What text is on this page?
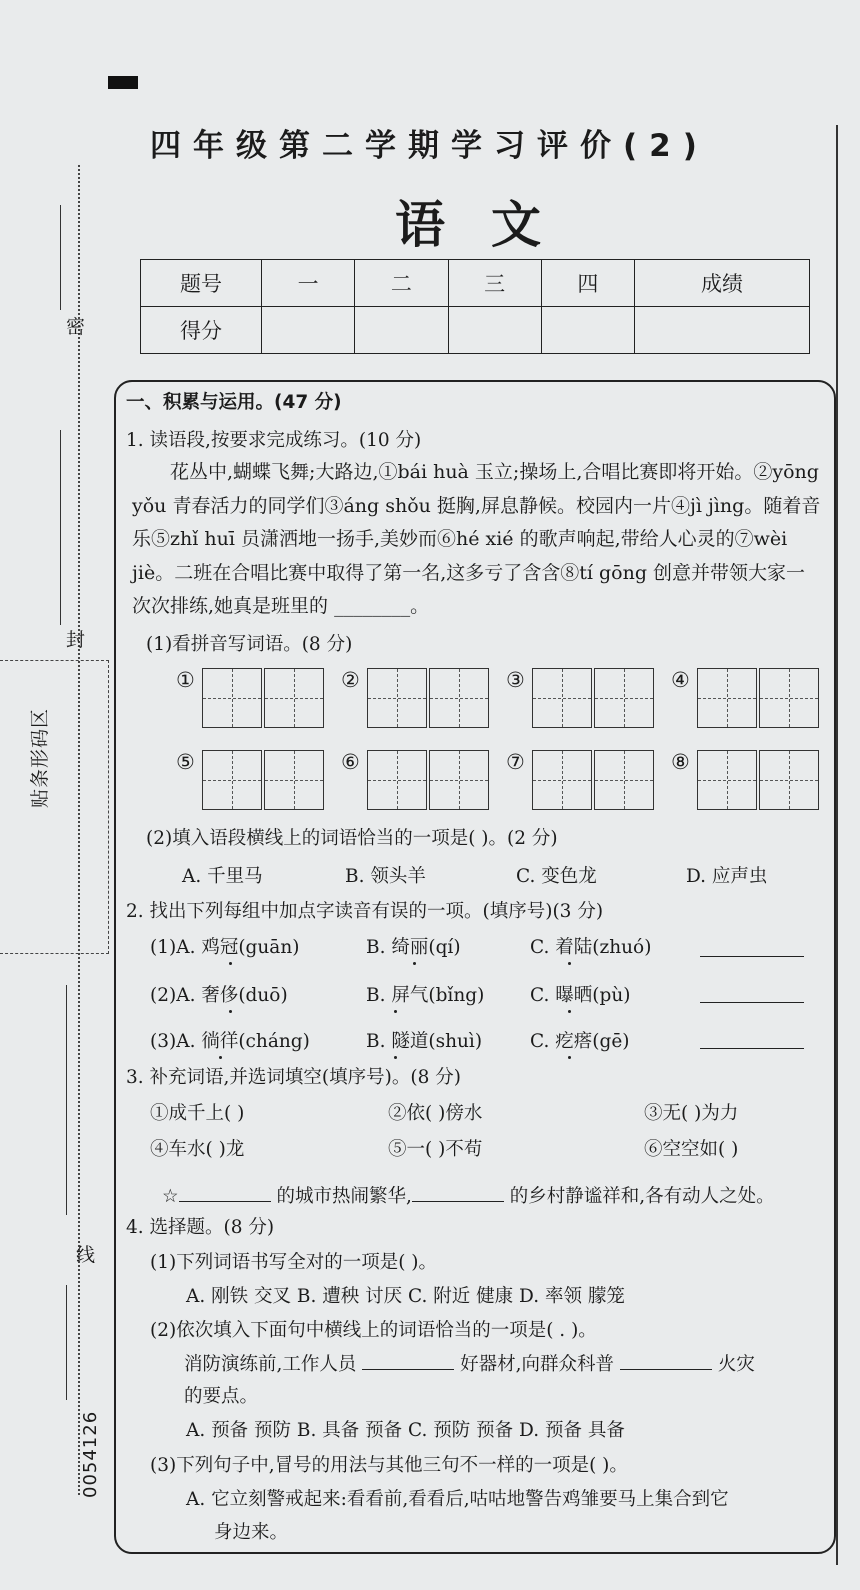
密
封
线
贴条形码区
0054126
四年级第二学期学习评价(2)
语文
题号	一	二	三	四	成绩
得分					
一、积累与运用。(47 分)
1. 读语段,按要求完成练习。(10 分)
花丛中,蝴蝶飞舞;大路边,①bái huà 玉立;操场上,合唱比赛即将开始。②yōng yǒu 青春活力的同学们③áng shǒu 挺胸,屏息静候。校园内一片④jì jìng。随着音乐⑤zhǐ huī 员潇洒地一扬手,美妙而⑥hé xié 的歌声响起,带给人心灵的⑦wèi jiè。二班在合唱比赛中取得了第一名,这多亏了含含⑧tí gōng 创意并带领大家一次次排练,她真是班里的 ________。
(1)看拼音写词语。(8 分)
①	②	③	④
⑤	⑥	⑦	⑧
(2)填入语段横线上的词语恰当的一项是( )。(2 分)
A. 千里马	B. 领头羊	C. 变色龙	D. 应声虫
2. 找出下列每组中加点字读音有误的一项。(填序号)(3 分)
(1)A. 鸡冠(guān)	B. 绮丽(qí)	C. 着陆(zhuó)
(2)A. 奢侈(duō)	B. 屏气(bǐng) C. 曝晒(pù)
(3)A. 徜徉(cháng)	B. 隧道(shuì)	C. 疙瘩(gē)
3. 补充词语,并选词填空(填序号)。(8 分)
①成千上( )	②依( )傍水	③无( )为力
④车水( )龙	⑤一( )不苟	⑥空空如( )
☆	的城市热闹繁华,	的乡村静谧祥和,各有动人之处。
4. 选择题。(8 分)
(1)下列词语书写全对的一项是( )。
A. 刚铁 交叉 B. 遭秧 讨厌 C. 附近 健康 D. 率领 朦笼
(2)依次填入下面句中横线上的词语恰当的一项是( . )。
消防演练前,工作人员	好器材,向群众科普	火灾
的要点。
A. 预备 预防 B. 具备 预备 C. 预防 预备 D. 预备 具备
(3)下列句子中,冒号的用法与其他三句不一样的一项是( )。
A. 它立刻警戒起来:看看前,看看后,咕咕地警告鸡雏要马上集合到它
身边来。
